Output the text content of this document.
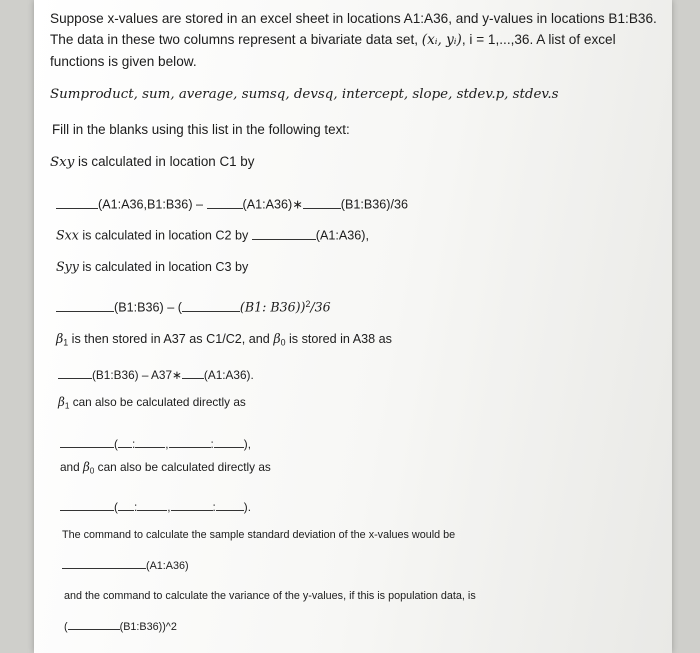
Suppose x-values are stored in an excel sheet in locations A1:A36, and y-values in locations B1:B36. The data in these two columns represent a bivariate data set, (xᵢ, yᵢ), i = 1,...,36. A list of excel functions is given below.
Sumproduct, sum, average, sumsq, devsq, intercept, slope, stdev.p, stdev.s
Fill in the blanks using this list in the following text:
Sxy is calculated in location C1 by
(A1:A36,B1:B36) –	(A1:A36)∗	(B1:B36)/36
Sxx is calculated in location C2 by	(A1:A36),
Syy is calculated in location C3 by
(B1:B36) – (	(B1: B36))$^2$/36
$\beta_1$ is then stored in A37 as C1/C2, and $\beta_0$ is stored in A38 as
(B1:B36) – A37∗ (A1:A36).
$\beta_1$ can also be calculated directly as
( :	,	:	),
and $\beta_0$ can also be calculated directly as
( :	,	: ).
The command to calculate the sample standard deviation of the x-values would be
(A1:A36)
and the command to calculate the variance of the y-values, if this is population data, is
(	(B1:B36))^2
